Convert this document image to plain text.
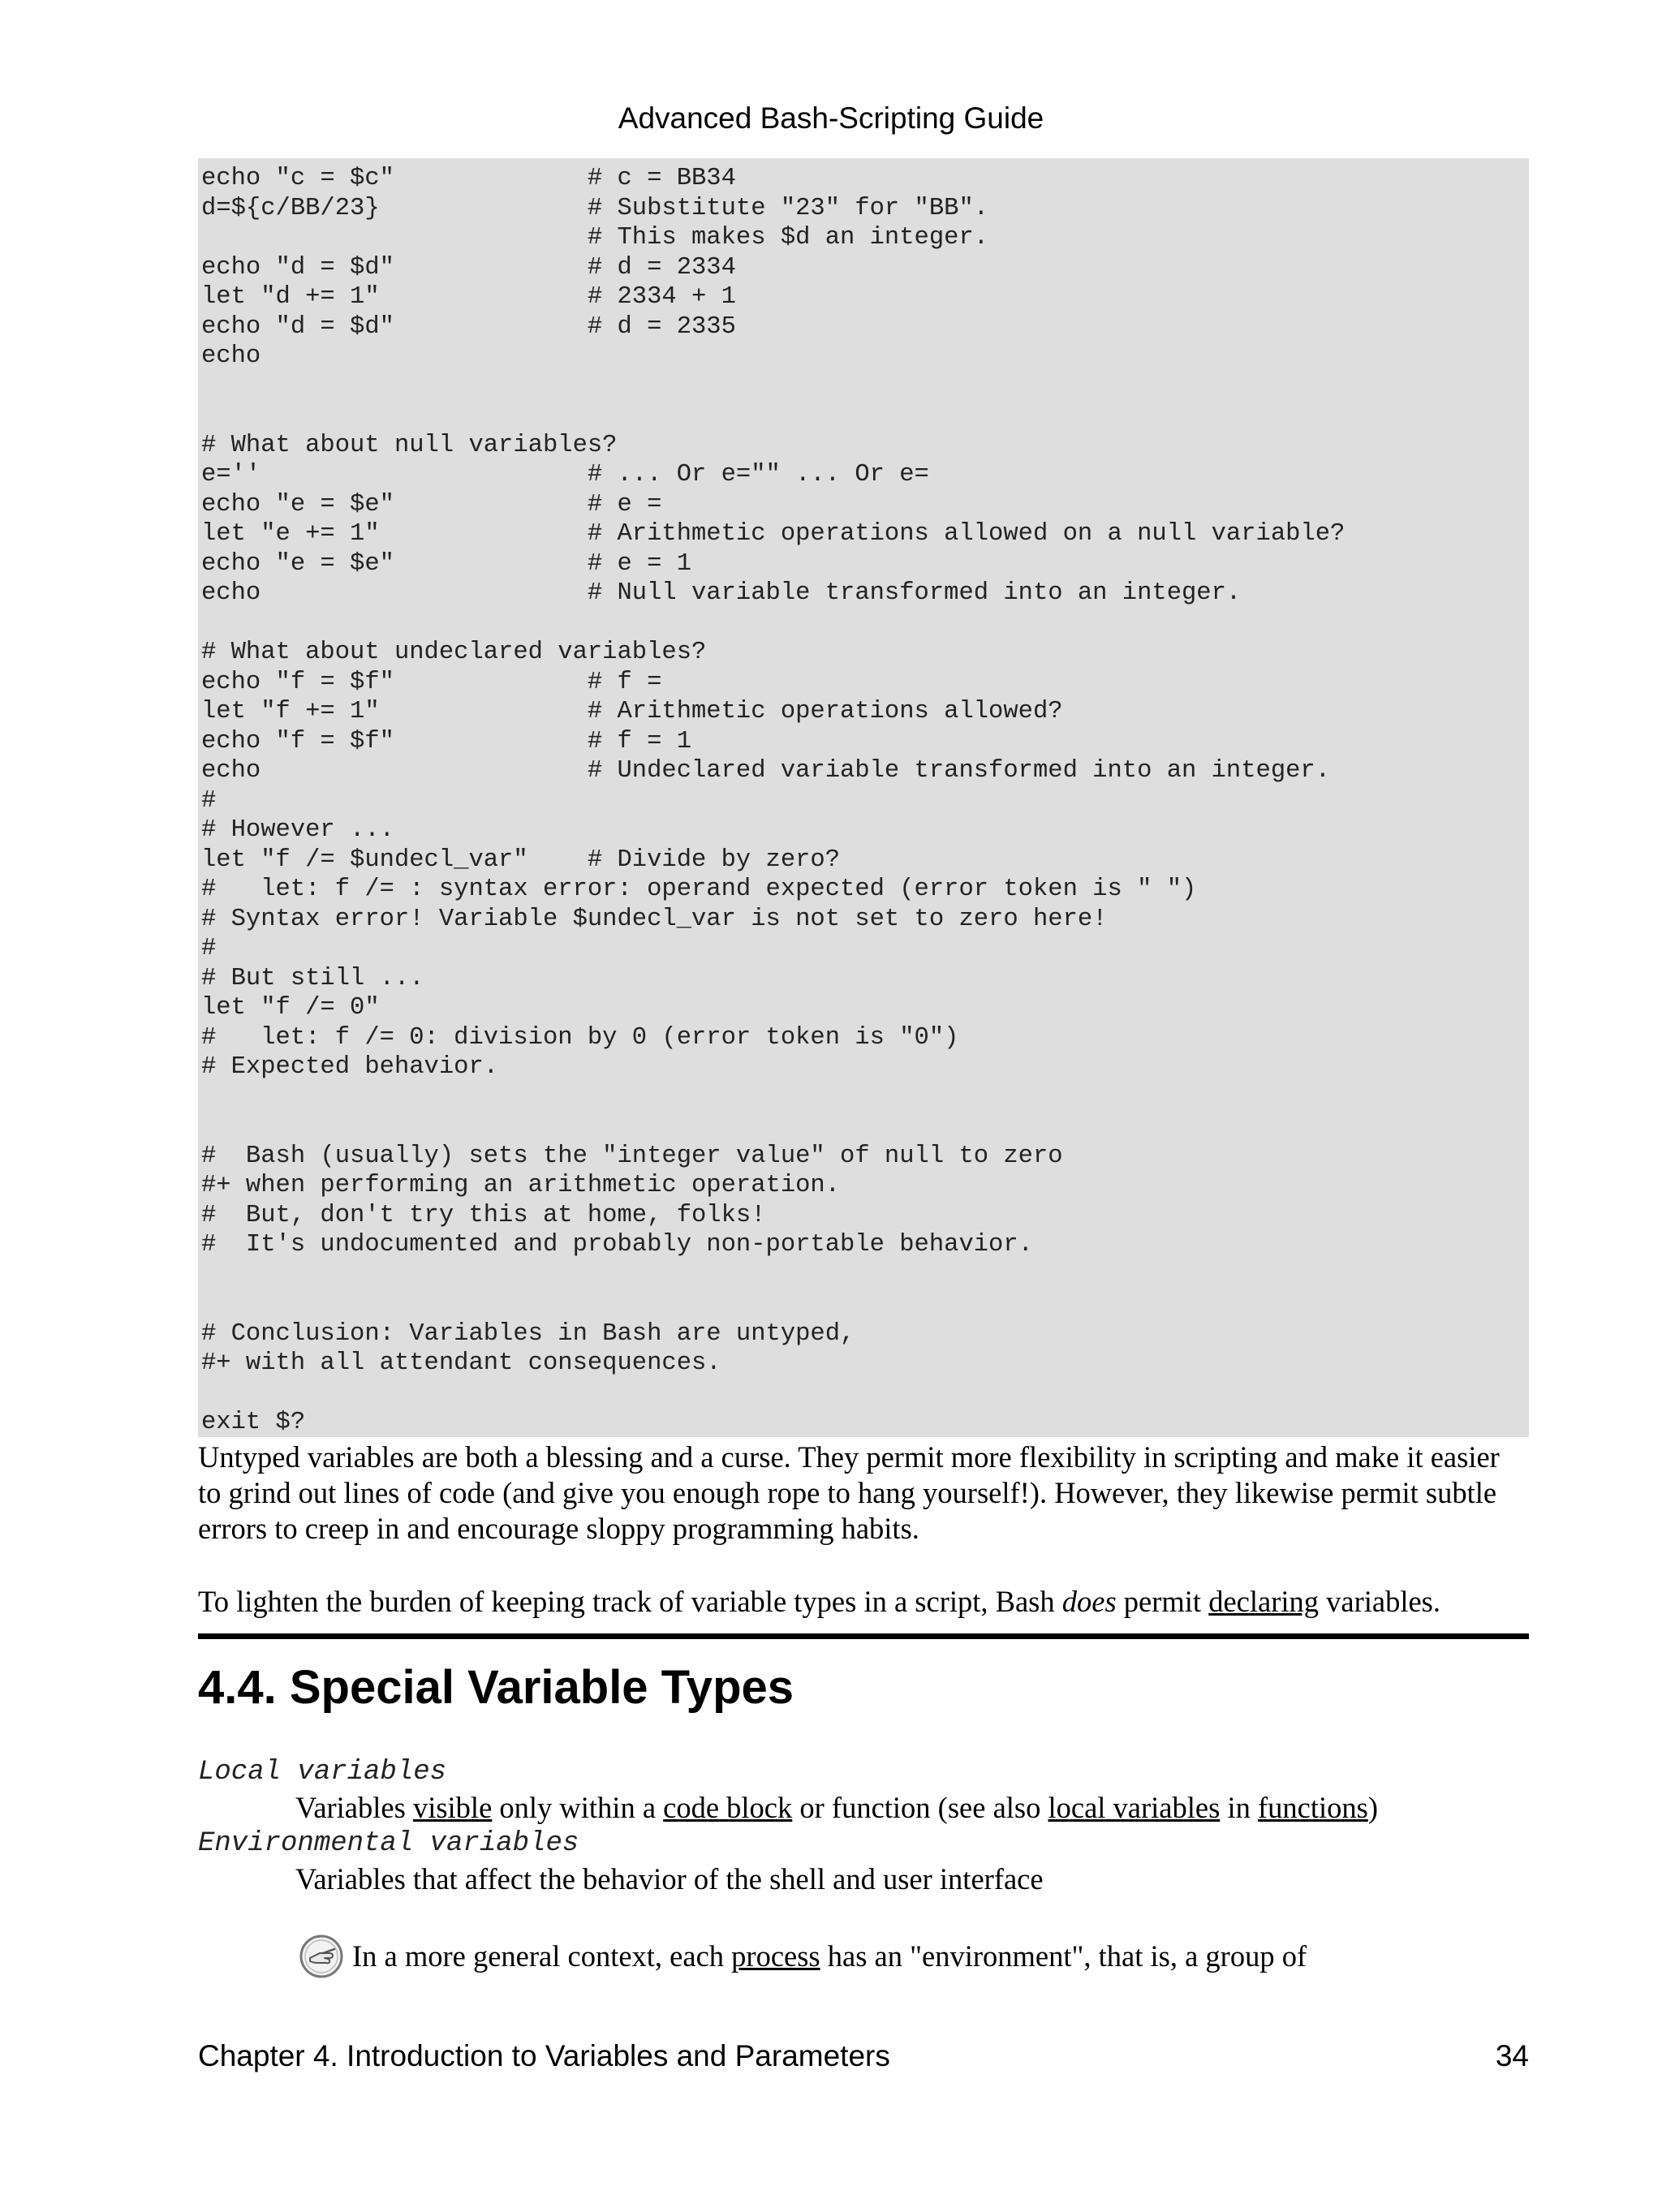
Advanced Bash-Scripting Guide
echo "c = $c"             # c = BB34
d=${c/BB/23}              # Substitute "23" for "BB".
# This makes $d an integer.
echo "d = $d"             # d = 2334
let "d += 1"              # 2334 + 1
echo "d = $d"             # d = 2335
echo

# What about null variables?
e=''                      # ... Or e="" ... Or e=
echo "e = $e"             # e =
let "e += 1"              # Arithmetic operations allowed on a null variable?
echo "e = $e"             # e = 1
echo                      # Null variable transformed into an integer.

# What about undeclared variables?
echo "f = $f"             # f =
let "f += 1"              # Arithmetic operations allowed?
echo "f = $f"             # f = 1
echo                      # Undeclared variable transformed into an integer.
#
# However ...
let "f /= $undecl_var"    # Divide by zero?
#   let: f /= : syntax error: operand expected (error token is " ")
# Syntax error! Variable $undecl_var is not set to zero here!
#
# But still ...
let "f /= 0"
#   let: f /= 0: division by 0 (error token is "0")
# Expected behavior.

#  Bash (usually) sets the "integer value" of null to zero
#+ when performing an arithmetic operation.
#  But, don't try this at home, folks!
#  It's undocumented and probably non-portable behavior.

# Conclusion: Variables in Bash are untyped,
#+ with all attendant consequences.

exit $?

Untyped variables are both a blessing and a curse. They permit more flexibility in scripting and make it easier to grind out lines of code (and give you enough rope to hang yourself!). However, they likewise permit subtle errors to creep in and encourage sloppy programming habits.

To lighten the burden of keeping track of variable types in a script, Bash does permit declaring variables.

4.4. Special Variable Types
Local variables
Variables visible only within a code block or function (see also local variables in functions)
Environmental variables
Variables that affect the behavior of the shell and user interface
In a more general context, each process has an "environment", that is, a group of
Chapter 4. Introduction to Variables and Parameters	34
